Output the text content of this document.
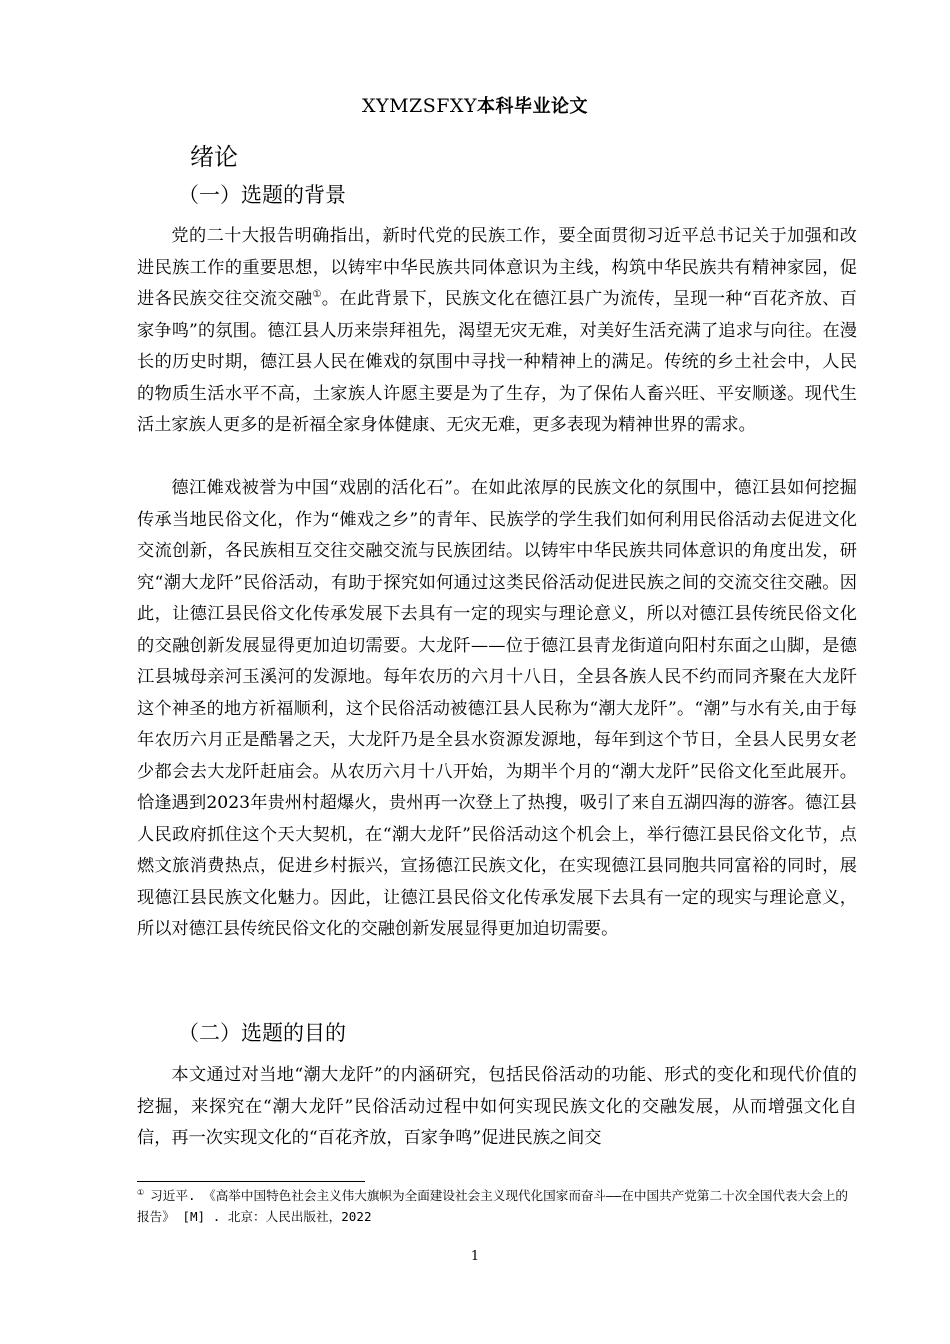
XYMZSFXY本科毕业论文
绪论
（一）选题的背景

党的二十大报告明确指出，新时代党的民族工作，要全面贯彻习近平总书记关于加强和改进民族工作的重要思想，以铸牢中华民族共同体意识为主线，构筑中华民族共有精神家园，促进各民族交往交流交融①。在此背景下，民族文化在德江县广为流传，呈现一种“百花齐放、百家争鸣”的氛围。德江县人历来崇拜祖先，渴望无灾无难，对美好生活充满了追求与向往。在漫长的历史时期，德江县人民在傩戏的氛围中寻找一种精神上的满足。传统的乡土社会中，人民的物质生活水平不高，土家族人许愿主要是为了生存，为了保佑人畜兴旺、平安顺遂。现代生活土家族人更多的是祈福全家身体健康、无灾无难，更多表现为精神世界的需求。

德江傩戏被誉为中国“戏剧的活化石”。在如此浓厚的民族文化的氛围中，德江县如何挖掘传承当地民俗文化，作为“傩戏之乡”的青年、民族学的学生我们如何利用民俗活动去促进文化交流创新，各民族相互交往交融交流与民族团结。以铸牢中华民族共同体意识的角度出发，研究“潮大龙阡”民俗活动，有助于探究如何通过这类民俗活动促进民族之间的交流交往交融。因此，让德江县民俗文化传承发展下去具有一定的现实与理论意义，所以对德江县传统民俗文化的交融创新发展显得更加迫切需要。大龙阡——位于德江县青龙街道向阳村东面之山脚，是德江县城母亲河玉溪河的发源地。每年农历的六月十八日，全县各族人民不约而同齐聚在大龙阡这个神圣的地方祈福顺利，这个民俗活动被德江县人民称为“潮大龙阡”。“潮”与水有关,由于每年农历六月正是酷暑之天，大龙阡乃是全县水资源发源地，每年到这个节日，全县人民男女老少都会去大龙阡赶庙会。从农历六月十八开始，为期半个月的“潮大龙阡”民俗文化至此展开。恰逢遇到2023年贵州村超爆火，贵州再一次登上了热搜，吸引了来自五湖四海的游客。德江县人民政府抓住这个天大契机，在“潮大龙阡”民俗活动这个机会上，举行德江县民俗文化节，点燃文旅消费热点，促进乡村振兴，宣扬德江民族文化，在实现德江县同胞共同富裕的同时，展现德江县民族文化魅力。因此，让德江县民俗文化传承发展下去具有一定的现实与理论意义，所以对德江县传统民俗文化的交融创新发展显得更加迫切需要。

（二）选题的目的

本文通过对当地“潮大龙阡”的内涵研究，包括民俗活动的功能、形式的变化和现代价值的挖掘，来探究在“潮大龙阡”民俗活动过程中如何实现民族文化的交融发展，从而增强文化自信，再一次实现文化的“百花齐放，百家争鸣”促进民族之间交

① 习近平. 《高举中国特色社会主义伟大旗帜为全面建设社会主义现代化国家而奋斗——在中国共产党第二十次全国代表大会上的报告》 [M] . 北京：人民出版社，2022
1
